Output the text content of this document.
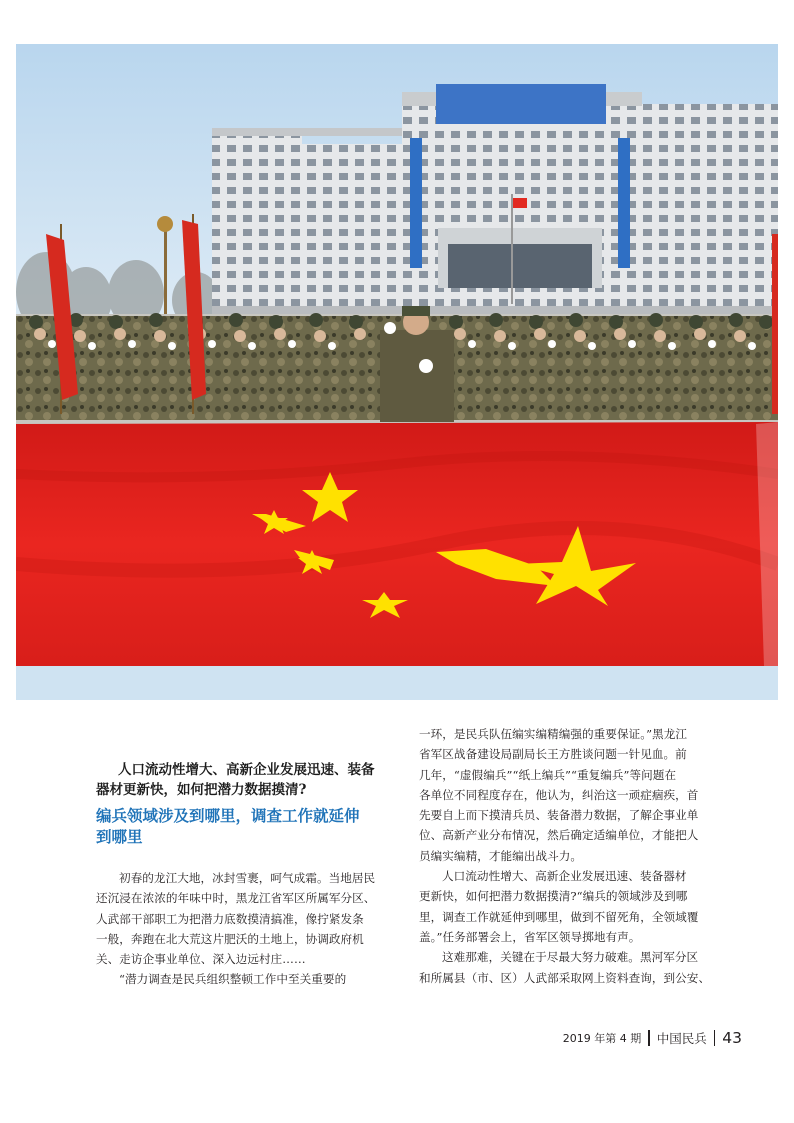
人口流动性增大、高新企业发展迅速、装备
器材更新快，如何把潜力数据摸清?
编兵领域涉及到哪里，调查工作就延伸
到哪里
初春的龙江大地，冰封雪裹，呵气成霜。当地居民
还沉浸在浓浓的年味中时，黑龙江省军区所属军分区、
人武部干部职工为把潜力底数摸清搞准，像拧紧发条
一般，奔跑在北大荒这片肥沃的土地上，协调政府机
关、走访企事业单位、深入边远村庄……
“潜力调查是民兵组织整顿工作中至关重要的
一环，是民兵队伍编实编精编强的重要保证。”黑龙江
省军区战备建设局副局长王方胜谈问题一针见血。前
几年，“虚假编兵”“纸上编兵”“重复编兵”等问题在
各单位不同程度存在，他认为，纠治这一顽症痼疾，首
先要自上而下摸清兵员、装备潜力数据，了解企事业单
位、高新产业分布情况，然后确定适编单位，才能把人
员编实编精，才能编出战斗力。
人口流动性增大、高新企业发展迅速、装备器材
更新快，如何把潜力数据摸清?“编兵的领域涉及到哪
里，调查工作就延伸到哪里，做到不留死角，全领域覆
盖。”任务部署会上，省军区领导掷地有声。
这难那难，关键在于尽最大努力破难。黑河军分区
和所属县（市、区）人武部采取网上资料查询，到公安、
2019 年第 4 期 中国民兵 43
